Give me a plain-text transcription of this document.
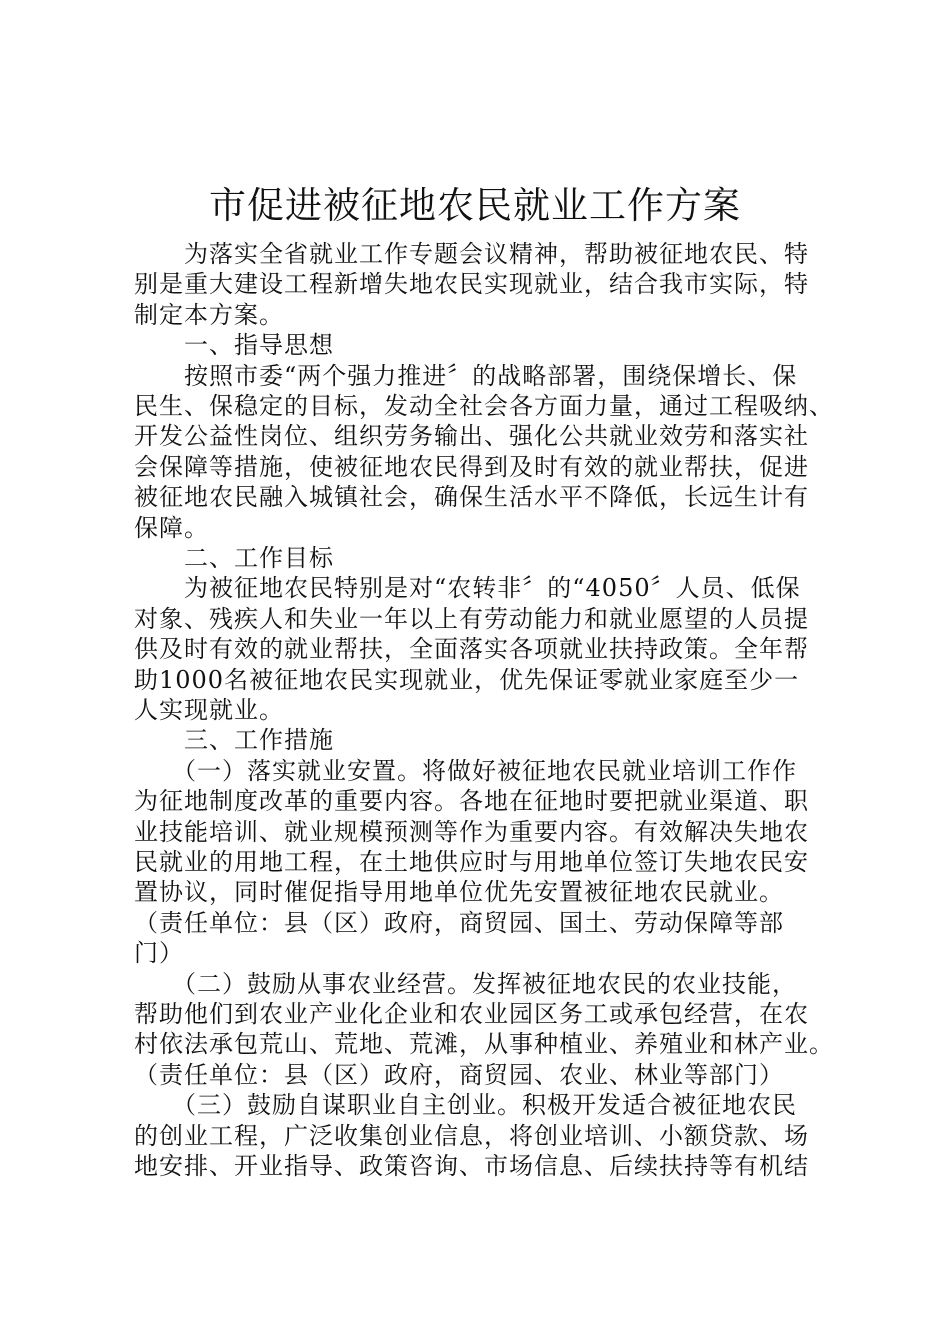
市促进被征地农民就业工作方案
　　为落实全省就业工作专题会议精神，帮助被征地农民、特
别是重大建设工程新增失地农民实现就业，结合我市实际，特
制定本方案。
　　一、指导思想
　　按照市委“两个强力推进〞的战略部署，围绕保增长、保
民生、保稳定的目标，发动全社会各方面力量，通过工程吸纳、
开发公益性岗位、组织劳务输出、强化公共就业效劳和落实社
会保障等措施，使被征地农民得到及时有效的就业帮扶，促进
被征地农民融入城镇社会，确保生活水平不降低，长远生计有
保障。
　　二、工作目标
　　为被征地农民特别是对“农转非〞的“4050〞人员、低保
对象、残疾人和失业一年以上有劳动能力和就业愿望的人员提
供及时有效的就业帮扶，全面落实各项就业扶持政策。全年帮
助1000名被征地农民实现就业，优先保证零就业家庭至少一
人实现就业。
　　三、工作措施
　　（一）落实就业安置。将做好被征地农民就业培训工作作
为征地制度改革的重要内容。各地在征地时要把就业渠道、职
业技能培训、就业规模预测等作为重要内容。有效解决失地农
民就业的用地工程，在土地供应时与用地单位签订失地农民安
置协议，同时催促指导用地单位优先安置被征地农民就业。
（责任单位：县（区）政府，商贸园、国土、劳动保障等部
门）
　　（二）鼓励从事农业经营。发挥被征地农民的农业技能，
帮助他们到农业产业化企业和农业园区务工或承包经营，在农
村依法承包荒山、荒地、荒滩，从事种植业、养殖业和林产业。
（责任单位：县（区）政府，商贸园、农业、林业等部门）
　　（三）鼓励自谋职业自主创业。积极开发适合被征地农民
的创业工程，广泛收集创业信息，将创业培训、小额贷款、场
地安排、开业指导、政策咨询、市场信息、后续扶持等有机结
